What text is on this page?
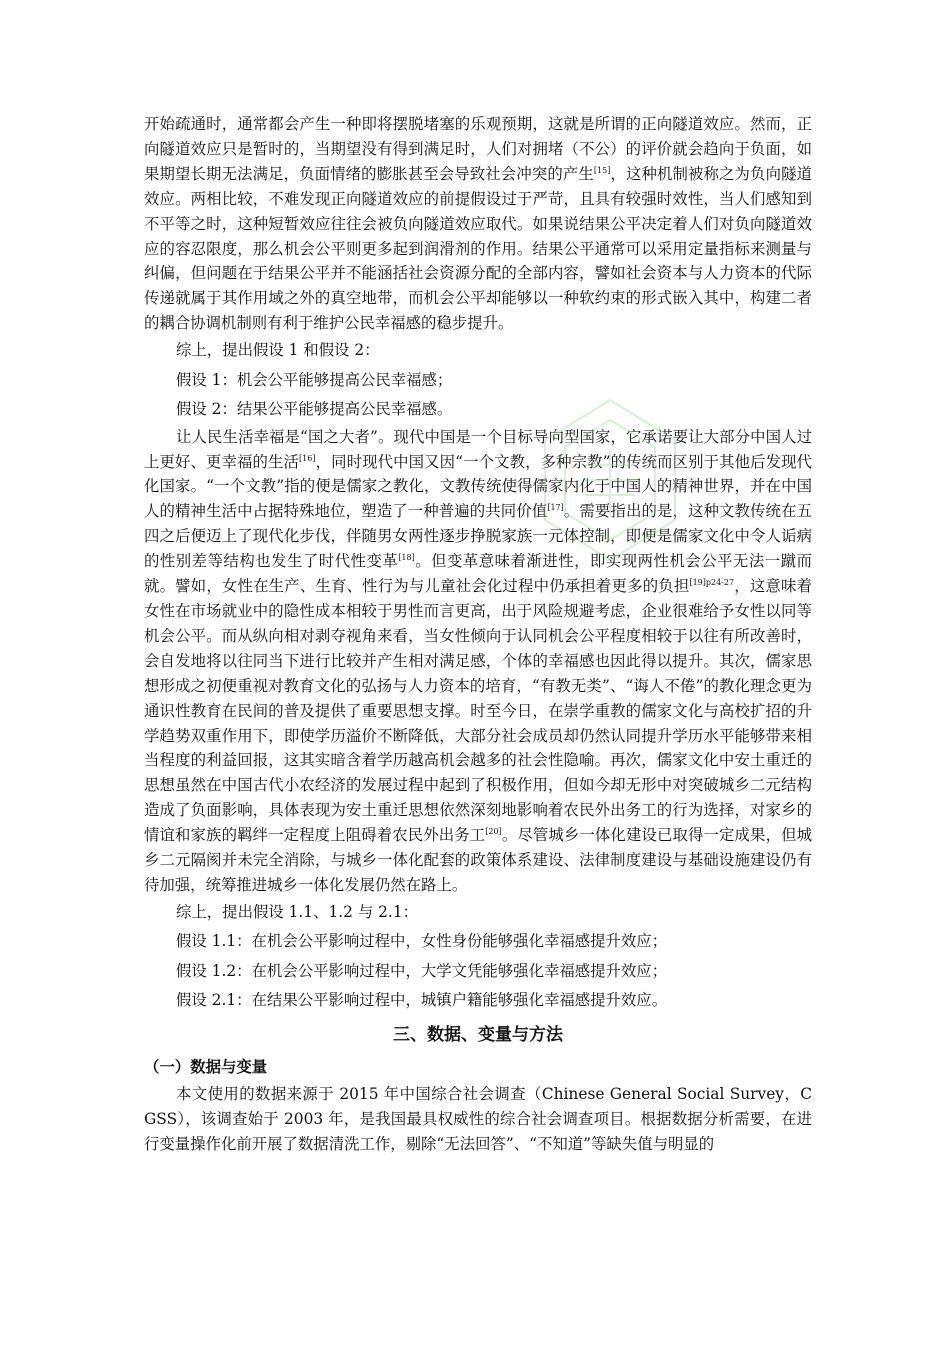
开始疏通时，通常都会产生一种即将摆脱堵塞的乐观预期，这就是所谓的正向隧道效应。然而，正向隧道效应只是暂时的，当期望没有得到满足时，人们对拥堵（不公）的评价就会趋向于负面，如果期望长期无法满足，负面情绪的膨胀甚至会导致社会冲突的产生[15]，这种机制被称之为负向隧道效应。两相比较，不难发现正向隧道效应的前提假设过于严苛，且具有较强时效性，当人们感知到不平等之时，这种短暂效应往往会被负向隧道效应取代。如果说结果公平决定着人们对负向隧道效应的容忍限度，那么机会公平则更多起到润滑剂的作用。结果公平通常可以采用定量指标来测量与纠偏，但问题在于结果公平并不能涵括社会资源分配的全部内容，譬如社会资本与人力资本的代际传递就属于其作用域之外的真空地带，而机会公平却能够以一种软约束的形式嵌入其中，构建二者的耦合协调机制则有利于维护公民幸福感的稳步提升。

综上，提出假设 1 和假设 2：

假设 1：机会公平能够提高公民幸福感；

假设 2：结果公平能够提高公民幸福感。

让人民生活幸福是“国之大者”。现代中国是一个目标导向型国家，它承诺要让大部分中国人过上更好、更幸福的生活[16]，同时现代中国又因“一个文教，多种宗教”的传统而区别于其他后发现代化国家。“一个文教”指的便是儒家之教化，文教传统使得儒家内化于中国人的精神世界，并在中国人的精神生活中占据特殊地位，塑造了一种普遍的共同价值[17]。需要指出的是，这种文教传统在五四之后便迈上了现代化步伐，伴随男女两性逐步挣脱家族一元体控制，即便是儒家文化中令人诟病的性别差等结构也发生了时代性变革[18]。但变革意味着渐进性，即实现两性机会公平无法一蹴而就。譬如，女性在生产、生育、性行为与儿童社会化过程中仍承担着更多的负担$^{[19]p24-27}$，这意味着女性在市场就业中的隐性成本相较于男性而言更高，出于风险规避考虑，企业很难给予女性以同等机会公平。而从纵向相对剥夺视角来看，当女性倾向于认同机会公平程度相较于以往有所改善时，会自发地将以往同当下进行比较并产生相对满足感，个体的幸福感也因此得以提升。其次，儒家思想形成之初便重视对教育文化的弘扬与人力资本的培育，“有教无类”、“诲人不倦”的教化理念更为通识性教育在民间的普及提供了重要思想支撑。时至今日，在崇学重教的儒家文化与高校扩招的升学趋势双重作用下，即使学历溢价不断降低，大部分社会成员却仍然认同提升学历水平能够带来相当程度的利益回报，这其实暗含着学历越高机会越多的社会性隐喻。再次，儒家文化中安土重迁的思想虽然在中国古代小农经济的发展过程中起到了积极作用，但如今却无形中对突破城乡二元结构造成了负面影响，具体表现为安土重迁思想依然深刻地影响着农民外出务工的行为选择，对家乡的情谊和家族的羁绊一定程度上阻碍着农民外出务工[20]。尽管城乡一体化建设已取得一定成果，但城乡二元隔阂并未完全消除，与城乡一体化配套的政策体系建设、法律制度建设与基础设施建设仍有待加强，统筹推进城乡一体化发展仍然在路上。

综上，提出假设 1.1、1.2 与 2.1：

假设 1.1：在机会公平影响过程中，女性身份能够强化幸福感提升效应；

假设 1.2：在机会公平影响过程中，大学文凭能够强化幸福感提升效应；

假设 2.1：在结果公平影响过程中，城镇户籍能够强化幸福感提升效应。

三、数据、变量与方法
（一）数据与变量

本文使用的数据来源于 2015 年中国综合社会调查（Chinese General Social Survey，CGSS），该调查始于 2003 年，是我国最具权威性的综合社会调查项目。根据数据分析需要，在进行变量操作化前开展了数据清洗工作，剔除“无法回答”、“不知道”等缺失值与明显的
